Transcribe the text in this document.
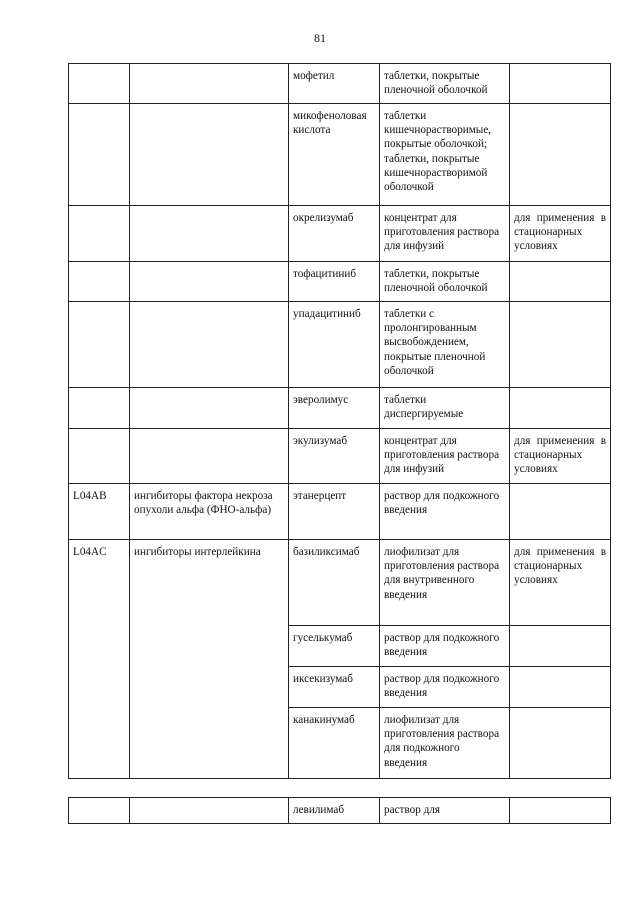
81
		мофетил	таблетки, покрытые пленочной оболочкой	
		микофеноловая кислота	таблетки кишечнорастворимые, покрытые оболочкой; таблетки, покрытые кишечнорастворимой оболочкой	
		окрелизумаб	концентрат для приготовления раствора для инфузий	для применения в стационарных условиях
		тофацитиниб	таблетки, покрытые пленочной оболочкой	
		упадацитиниб	таблетки с пролонгированным высвобождением, покрытые пленочной оболочкой	
		эверолимус	таблетки диспергируемые	
		экулизумаб	концентрат для приготовления раствора для инфузий	для применения в стационарных условиях
L04AB	ингибиторы фактора некроза опухоли альфа (ФНО-альфа)	этанерцепт	раствор для подкожного введения	
L04AC	ингибиторы интерлейкина	базиликсимаб	лиофилизат для приготовления раствора для внутривенного введения	для применения в стационарных условиях
		гуселькумаб	раствор для подкожного введения	
		иксекизумаб	раствор для подкожного введения	
		канакинумаб	лиофилизат для приготовления раствора для подкожного введения	
		левилимаб	раствор для	
